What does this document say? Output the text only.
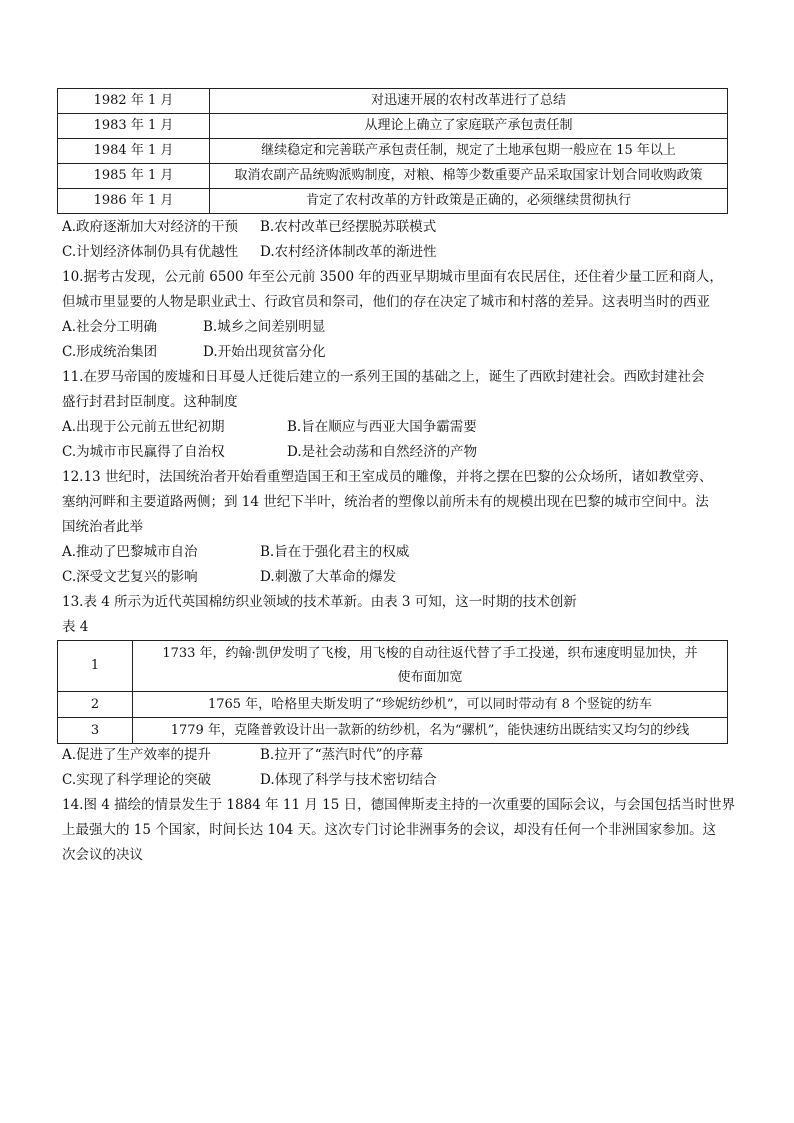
1982 年 1 月	对迅速开展的农村改革进行了总结
1983 年 1 月	从理论上确立了家庭联产承包责任制
1984 年 1 月	继续稳定和完善联产承包责任制，规定了土地承包期一般应在 15 年以上
1985 年 1 月	取消农副产品统购派购制度，对粮、棉等少数重要产品采取国家计划合同收购政策
1986 年 1 月	肯定了农村改革的方针政策是正确的，必须继续贯彻执行
A.政府逐渐加大对经济的干预 B.农村改革已经摆脱苏联模式
C.计划经济体制仍具有优越性 D.农村经济体制改革的渐进性
10.据考古发现，公元前 6500 年至公元前 3500 年的西亚早期城市里面有农民居住，还住着少量工匠和商人，
但城市里显要的人物是职业武士、行政官员和祭司，他们的存在决定了城市和村落的差异。这表明当时的西亚
A.社会分工明确	B.城乡之间差别明显
C.形成统治集团	D.开始出现贫富分化
11.在罗马帝国的废墟和日耳曼人迁徙后建立的一系列王国的基础之上，诞生了西欧封建社会。西欧封建社会
盛行封君封臣制度。这种制度
A.出现于公元前五世纪初期	B.旨在顺应与西亚大国争霸需要
C.为城市市民赢得了自治权	D.是社会动荡和自然经济的产物
12.13 世纪时，法国统治者开始看重塑造国王和王室成员的雕像，并将之摆在巴黎的公众场所，诸如教堂旁、
塞纳河畔和主要道路两侧；到 14 世纪下半叶，统治者的塑像以前所未有的规模出现在巴黎的城市空间中。法
国统治者此举
A.推动了巴黎城市自治	B.旨在于强化君主的权威
C.深受文艺复兴的影响	D.刺激了大革命的爆发
13.表 4 所示为近代英国棉纺织业领域的技术革新。由表 3 可知，这一时期的技术创新
表 4
1	1733 年，约翰·凯伊发明了飞梭，用飞梭的自动往返代替了手工投递，织布速度明显加快，并
使布面加宽

2	1765 年，哈格里夫斯发明了“珍妮纺纱机”，可以同时带动有 8 个竖锭的纺车
3	1779 年，克隆普敦设计出一款新的纺纱机，名为“骡机”，能快速纺出既结实又均匀的纱线
A.促进了生产效率的提升	B.拉开了“蒸汽时代”的序幕
C.实现了科学理论的突破	D.体现了科学与技术密切结合
14.图 4 描绘的情景发生于 1884 年 11 月 15 日，德国俾斯麦主持的一次重要的国际会议，与会国包括当时世界
上最强大的 15 个国家，时间长达 104 天。这次专门讨论非洲事务的会议，却没有任何一个非洲国家参加。这
次会议的决议
